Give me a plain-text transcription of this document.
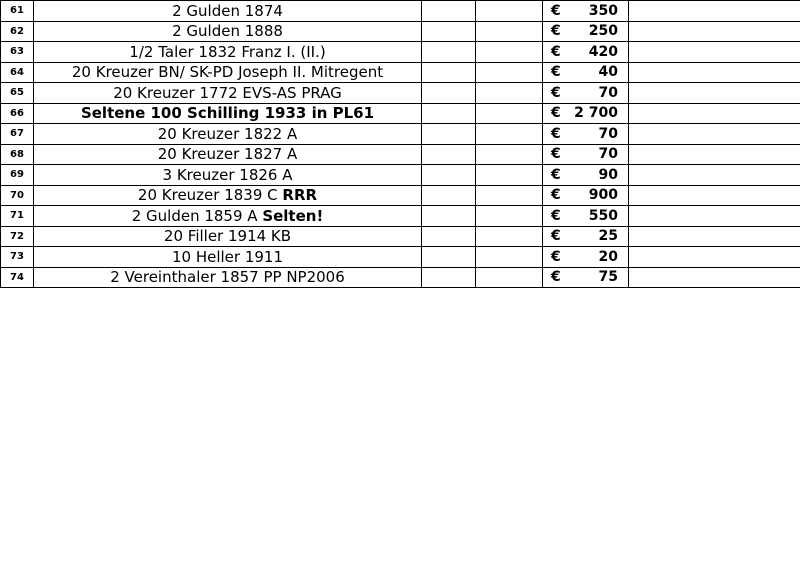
61	2 Gulden 1874			€ 350	

62	2 Gulden 1888			€ 250	

63	1/2 Taler 1832 Franz I. (II.)			€ 420	

64	20 Kreuzer BN/ SK-PD Joseph II. Mitregent			€ 40	

65	20 Kreuzer 1772 EVS-AS PRAG			€ 70	

66	Seltene 100 Schilling 1933 in PL61			€ 2 700	

67	20 Kreuzer 1822 A			€ 70	

68	20 Kreuzer 1827 A			€ 70	

69	3 Kreuzer 1826 A			€ 90	

70	20 Kreuzer 1839 C RRR			€ 900	

71	2 Gulden 1859 A Selten!			€ 550	

72	20 Filler 1914 KB			€ 25	

73	10 Heller 1911			€ 20	

74	2 Vereinthaler 1857 PP NP2006			€ 75	
